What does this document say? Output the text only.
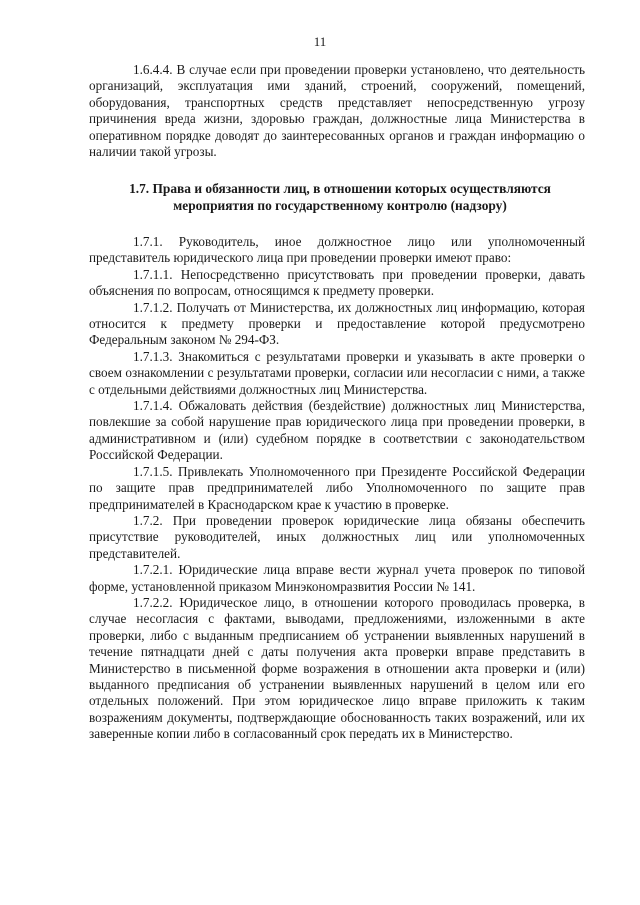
11

1.6.4.4. В случае если при проведении проверки установлено, что деятельность организаций, эксплуатация ими зданий, строений, сооружений, помещений, оборудования, транспортных средств представляет непосредственную угрозу причинения вреда жизни, здоровью граждан, должностные лица Министерства в оперативном порядке доводят до заинтересованных органов и граждан информацию о наличии такой угрозы.

1.7. Права и обязанности лиц, в отношении которых осуществляются мероприятия по государственному контролю (надзору)

1.7.1. Руководитель, иное должностное лицо или уполномоченный представитель юридического лица при проведении проверки имеют право:

1.7.1.1. Непосредственно присутствовать при проведении проверки, давать объяснения по вопросам, относящимся к предмету проверки.

1.7.1.2. Получать от Министерства, их должностных лиц информацию, которая относится к предмету проверки и предоставление которой предусмотрено Федеральным законом № 294-ФЗ.

1.7.1.3. Знакомиться с результатами проверки и указывать в акте проверки о своем ознакомлении с результатами проверки, согласии или несогласии с ними, а также с отдельными действиями должностных лиц Министерства.

1.7.1.4. Обжаловать действия (бездействие) должностных лиц Министерства, повлекшие за собой нарушение прав юридического лица при проведении проверки, в административном и (или) судебном порядке в соответствии с законодательством Российской Федерации.

1.7.1.5. Привлекать Уполномоченного при Президенте Российской Федерации по защите прав предпринимателей либо Уполномоченного по защите прав предпринимателей в Краснодарском крае к участию в проверке.

1.7.2. При проведении проверок юридические лица обязаны обеспечить присутствие руководителей, иных должностных лиц или уполномоченных представителей.

1.7.2.1. Юридические лица вправе вести журнал учета проверок по типовой форме, установленной приказом Минэкономразвития России № 141.

1.7.2.2. Юридическое лицо, в отношении которого проводилась проверка, в случае несогласия с фактами, выводами, предложениями, изложенными в акте проверки, либо с выданным предписанием об устранении выявленных нарушений в течение пятнадцати дней с даты получения акта проверки вправе представить в Министерство в письменной форме возражения в отношении акта проверки и (или) выданного предписания об устранении выявленных нарушений в целом или его отдельных положений. При этом юридическое лицо вправе приложить к таким возражениям документы, подтверждающие обоснованность таких возражений, или их заверенные копии либо в согласованный срок передать их в Министерство.
